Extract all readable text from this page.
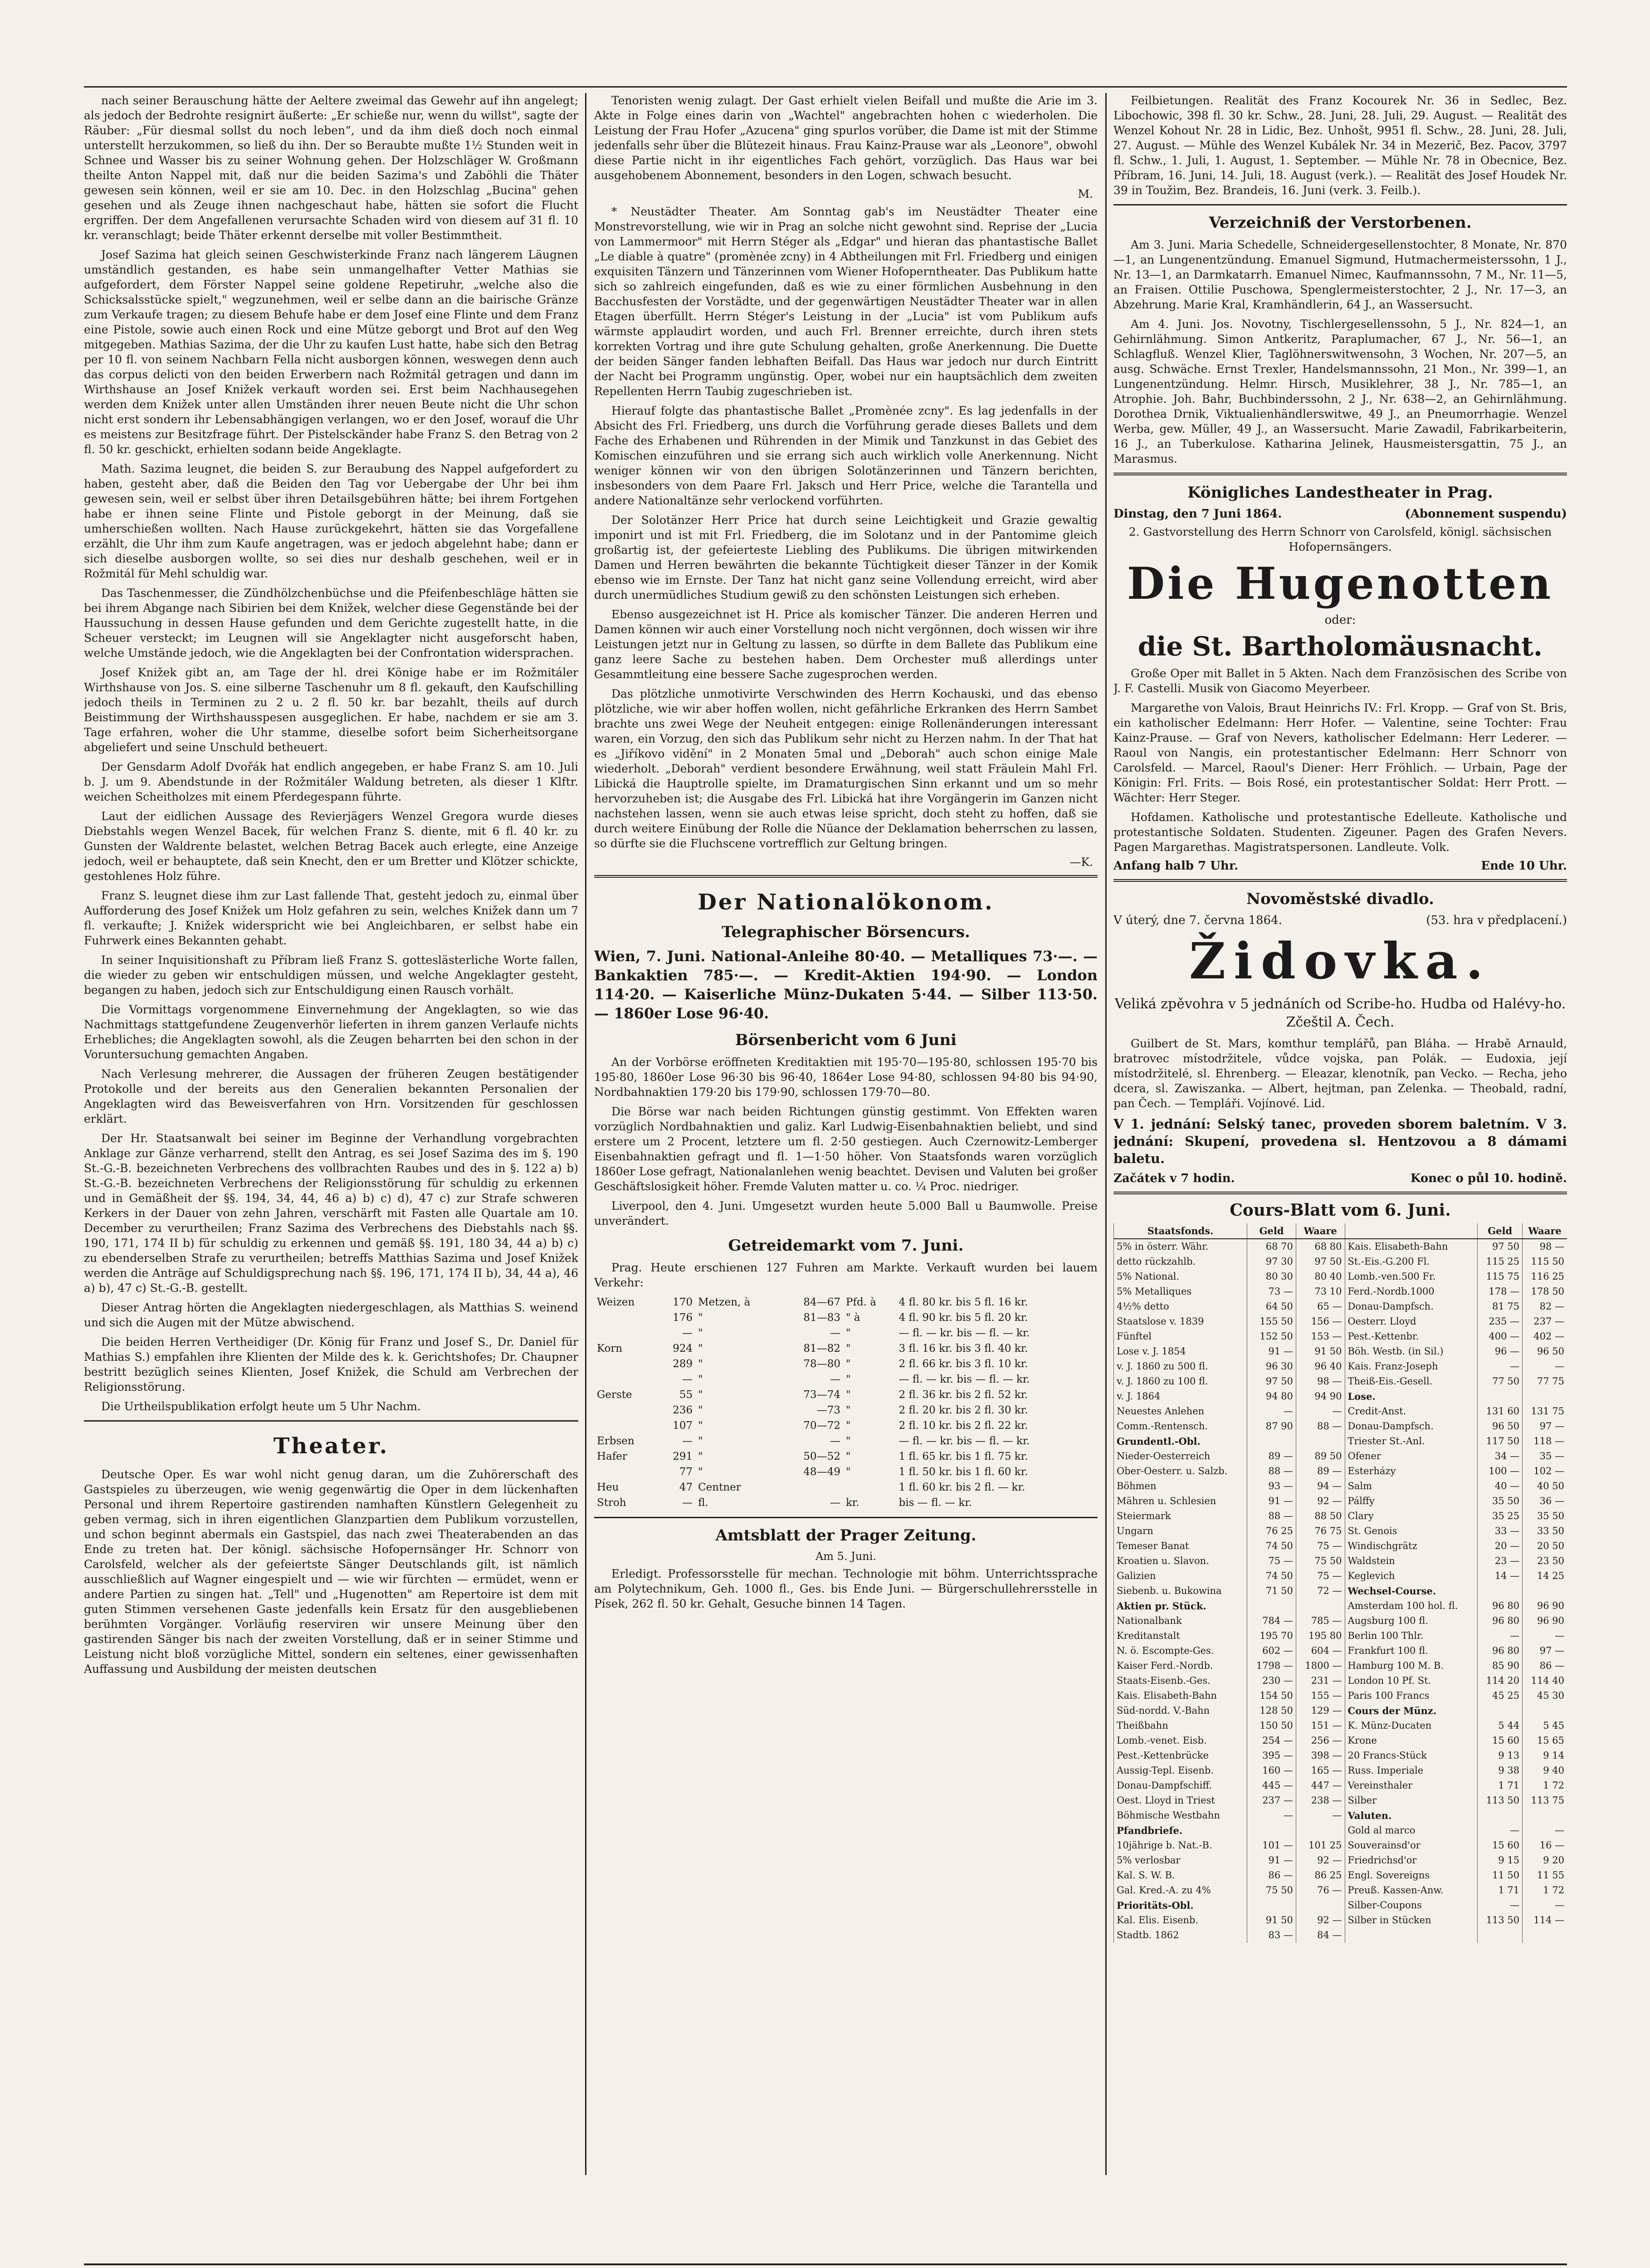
nach seiner Berauschung hätte der Aeltere zweimal das Gewehr auf ihn angelegt; als jedoch der Bedrohte resignirt äußerte: „Er schieße nur, wenn du willst", sagte der Räuber: „Für diesmal sollst du noch leben“, und da ihm dieß doch noch einmal unterstellt herzukommen, so ließ du ihn. Der so Beraubte mußte 1½ Stunden weit in Schnee und Wasser bis zu seiner Wohnung gehen. Der Holzschläger W. Großmann theilte Anton Nappel mit, daß nur die beiden Sazima's und Zaböhli die Thäter gewesen sein können, weil er sie am 10. Dec. in den Holzschlag „Bucina" gehen gesehen und als Zeuge ihnen nachgeschaut habe, hätten sie sofort die Flucht ergriffen. Der dem Angefallenen verursachte Schaden wird von diesem auf 31 fl. 10 kr. veranschlagt; beide Thäter erkennt derselbe mit voller Bestimmtheit.

Josef Sazima hat gleich seinen Geschwisterkinde Franz nach längerem Läugnen umständlich gestanden, es habe sein unmangelhafter Vetter Mathias sie aufgefordert, dem Förster Nappel seine goldene Repetiruhr, „welche also die Schicksalsstücke spielt," wegzunehmen, weil er selbe dann an die bairische Gränze zum Verkaufe tragen; zu diesem Behufe habe er dem Josef eine Flinte und dem Franz eine Pistole, sowie auch einen Rock und eine Mütze geborgt und Brot auf den Weg mitgegeben. Mathias Sazima, der die Uhr zu kaufen Lust hatte, habe sich den Betrag per 10 fl. von seinem Nachbarn Fella nicht ausborgen können, weswegen denn auch das corpus delicti von den beiden Erwerbern nach Rožmitál getragen und dann im Wirthshause an Josef Knižek verkauft worden sei. Erst beim Nachhausegehen werden dem Knižek unter allen Umständen ihrer neuen Beute nicht die Uhr schon nicht erst sondern ihr Lebensabhängigen verlangen, wo er den Josef, worauf die Uhr es meistens zur Besitzfrage führt. Der Pistelsckänder habe Franz S. den Betrag von 2 fl. 50 kr. geschickt, erhielten sodann beide Angeklagte.

Math. Sazima leugnet, die beiden S. zur Beraubung des Nappel aufgefordert zu haben, gesteht aber, daß die Beiden den Tag vor Uebergabe der Uhr bei ihm gewesen sein, weil er selbst über ihren Detailsgebühren hätte; bei ihrem Fortgehen habe er ihnen seine Flinte und Pistole geborgt in der Meinung, daß sie umherschießen wollten. Nach Hause zurückgekehrt, hätten sie das Vorgefallene erzählt, die Uhr ihm zum Kaufe angetragen, was er jedoch abgelehnt habe; dann er sich dieselbe ausborgen wollte, so sei dies nur deshalb geschehen, weil er in Rožmitál für Mehl schuldig war.

Das Taschenmesser, die Zündhölzchenbüchse und die Pfeifenbeschläge hätten sie bei ihrem Abgange nach Sibirien bei dem Knižek, welcher diese Gegenstände bei der Haussuchung in dessen Hause gefunden und dem Gerichte zugestellt hatte, in die Scheuer versteckt; im Leugnen will sie Angeklagter nicht ausgeforscht haben, welche Umstände jedoch, wie die Angeklagten bei der Confrontation widersprachen.

Josef Knižek gibt an, am Tage der hl. drei Könige habe er im Rožmitáler Wirthshause von Jos. S. eine silberne Taschenuhr um 8 fl. gekauft, den Kaufschilling jedoch theils in Terminen zu 2 u. 2 fl. 50 kr. bar bezahlt, theils auf durch Beistimmung der Wirthshausspesen ausgeglichen. Er habe, nachdem er sie am 3. Tage erfahren, woher die Uhr stamme, dieselbe sofort beim Sicherheitsorgane abgeliefert und seine Unschuld betheuert.

Der Gensdarm Adolf Dvořák hat endlich angegeben, er habe Franz S. am 10. Juli b. J. um 9. Abendstunde in der Rožmitáler Waldung betreten, als dieser 1 Klftr. weichen Scheitholzes mit einem Pferdegespann führte.

Laut der eidlichen Aussage des Revierjägers Wenzel Gregora wurde dieses Diebstahls wegen Wenzel Bacek, für welchen Franz S. diente, mit 6 fl. 40 kr. zu Gunsten der Waldrente belastet, welchen Betrag Bacek auch erlegte, eine Anzeige jedoch, weil er behauptete, daß sein Knecht, den er um Bretter und Klötzer schickte, gestohlenes Holz führe.

Franz S. leugnet diese ihm zur Last fallende That, gesteht jedoch zu, einmal über Aufforderung des Josef Knižek um Holz gefahren zu sein, welches Knižek dann um 7 fl. verkaufte; J. Knižek widerspricht wie bei Angleichbaren, er selbst habe ein Fuhrwerk eines Bekannten gehabt.

In seiner Inquisitionshaft zu Příbram ließ Franz S. gotteslästerliche Worte fallen, die wieder zu geben wir entschuldigen müssen, und welche Angeklagter gesteht, begangen zu haben, jedoch sich zur Entschuldigung einen Rausch vorhält.

Die Vormittags vorgenommene Einvernehmung der Angeklagten, so wie das Nachmittags stattgefundene Zeugenverhör lieferten in ihrem ganzen Verlaufe nichts Erhebliches; die Angeklagten sowohl, als die Zeugen beharrten bei den schon in der Voruntersuchung gemachten Angaben.

Nach Verlesung mehrerer, die Aussagen der früheren Zeugen bestätigender Protokolle und der bereits aus den Generalien bekannten Personalien der Angeklagten wird das Beweisverfahren von Hrn. Vorsitzenden für geschlossen erklärt.

Der Hr. Staatsanwalt bei seiner im Beginne der Verhandlung vorgebrachten Anklage zur Gänze verharrend, stellt den Antrag, es sei Josef Sazima des im §. 190 St.-G.-B. bezeichneten Verbrechens des vollbrachten Raubes und des in §. 122 a) b) St.-G.-B. bezeichneten Verbrechens der Religionsstörung für schuldig zu erkennen und in Gemäßheit der §§. 194, 34, 44, 46 a) b) c) d), 47 c) zur Strafe schweren Kerkers in der Dauer von zehn Jahren, verschärft mit Fasten alle Quartale am 10. December zu verurtheilen; Franz Sazima des Verbrechens des Diebstahls nach §§. 190, 171, 174 II b) für schuldig zu erkennen und gemäß §§. 191, 180 34, 44 a) b) c) zu ebenderselben Strafe zu verurtheilen; betreffs Matthias Sazima und Josef Knižek werden die Anträge auf Schuldigsprechung nach §§. 196, 171, 174 II b), 34, 44 a), 46 a) b), 47 c) St.-G.-B. gestellt.

Dieser Antrag hörten die Angeklagten niedergeschlagen, als Matthias S. weinend und sich die Augen mit der Mütze abwischend.

Die beiden Herren Vertheidiger (Dr. König für Franz und Josef S., Dr. Daniel für Mathias S.) empfahlen ihre Klienten der Milde des k. k. Gerichtshofes; Dr. Chaupner bestritt bezüglich seines Klienten, Josef Knižek, die Schuld am Verbrechen der Religionsstörung.

Die Urtheilspublikation erfolgt heute um 5 Uhr Nachm.

Theater.

Deutsche Oper. Es war wohl nicht genug daran, um die Zuhörerschaft des Gastspieles zu überzeugen, wie wenig gegenwärtig die Oper in dem lückenhaften Personal und ihrem Repertoire gastirenden namhaften Künstlern Gelegenheit zu geben vermag, sich in ihren eigentlichen Glanzpartien dem Publikum vorzustellen, und schon beginnt abermals ein Gastspiel, das nach zwei Theaterabenden an das Ende zu treten hat. Der königl. sächsische Hofopernsänger Hr. Schnorr von Carolsfeld, welcher als der gefeiertste Sänger Deutschlands gilt, ist nämlich ausschließlich auf Wagner eingespielt und — wie wir fürchten — ermüdet, wenn er andere Partien zu singen hat. „Tell" und „Hugenotten" am Repertoire ist dem mit guten Stimmen versehenen Gaste jedenfalls kein Ersatz für den ausgebliebenen berühmten Vorgänger. Vorläufig reserviren wir unsere Meinung über den gastirenden Sänger bis nach der zweiten Vorstellung, daß er in seiner Stimme und Leistung nicht bloß vorzügliche Mittel, sondern ein seltenes, einer gewissenhaften Auffassung und Ausbildung der meisten deutschen

Tenoristen wenig zulagt. Der Gast erhielt vielen Beifall und mußte die Arie im 3. Akte in Folge eines darin von „Wachtel" angebrachten hohen c wiederholen. Die Leistung der Frau Hofer „Azucena" ging spurlos vorüber, die Dame ist mit der Stimme jedenfalls sehr über die Blütezeit hinaus. Frau Kainz-Prause war als „Leonore", obwohl diese Partie nicht in ihr eigentliches Fach gehört, vorzüglich. Das Haus war bei ausgehobenem Abonnement, besonders in den Logen, schwach besucht.

M.

* Neustädter Theater. Am Sonntag gab's im Neustädter Theater eine Monstrevorstellung, wie wir in Prag an solche nicht gewohnt sind. Reprise der „Lucia von Lammermoor" mit Herrn Stéger als „Edgar" und hieran das phantastische Ballet „Le diable à quatre" (promènée zcny) in 4 Abtheilungen mit Frl. Friedberg und einigen exquisiten Tänzern und Tänzerinnen vom Wiener Hofoperntheater. Das Publikum hatte sich so zahlreich eingefunden, daß es wie zu einer förmlichen Ausbehnung in den Bacchusfesten der Vorstädte, und der gegenwärtigen Neustädter Theater war in allen Etagen überfüllt. Herrn Stéger's Leistung in der „Lucia" ist vom Publikum aufs wärmste applaudirt worden, und auch Frl. Brenner erreichte, durch ihren stets korrekten Vortrag und ihre gute Schulung gehalten, große Anerkennung. Die Duette der beiden Sänger fanden lebhaften Beifall. Das Haus war jedoch nur durch Eintritt der Nacht bei Programm ungünstig. Oper, wobei nur ein hauptsächlich dem zweiten Repellenten Herrn Taubig zugeschrieben ist.

Hierauf folgte das phantastische Ballet „Promènée zcny". Es lag jedenfalls in der Absicht des Frl. Friedberg, uns durch die Vorführung gerade dieses Ballets und dem Fache des Erhabenen und Rührenden in der Mimik und Tanzkunst in das Gebiet des Komischen einzuführen und sie errang sich auch wirklich volle Anerkennung. Nicht weniger können wir von den übrigen Solotänzerinnen und Tänzern berichten, insbesonders von dem Paare Frl. Jaksch und Herr Price, welche die Tarantella und andere Nationaltänze sehr verlockend vorführten.

Der Solotänzer Herr Price hat durch seine Leichtigkeit und Grazie gewaltig imponirt und ist mit Frl. Friedberg, die im Solotanz und in der Pantomime gleich großartig ist, der gefeierteste Liebling des Publikums. Die übrigen mitwirkenden Damen und Herren bewährten die bekannte Tüchtigkeit dieser Tänzer in der Komik ebenso wie im Ernste. Der Tanz hat nicht ganz seine Vollendung erreicht, wird aber durch unermüdliches Studium gewiß zu den schönsten Leistungen sich erheben.

Ebenso ausgezeichnet ist H. Price als komischer Tänzer. Die anderen Herren und Damen können wir auch einer Vorstellung noch nicht vergönnen, doch wissen wir ihre Leistungen jetzt nur in Geltung zu lassen, so dürfte in dem Ballete das Publikum eine ganz leere Sache zu bestehen haben. Dem Orchester muß allerdings unter Gesammtleitung eine bessere Sache zugesprochen werden.

Das plötzliche unmotivirte Verschwinden des Herrn Kochauski, und das ebenso plötzliche, wie wir aber hoffen wollen, nicht gefährliche Erkranken des Herrn Sambet brachte uns zwei Wege der Neuheit entgegen: einige Rollenänderungen interessant waren, ein Vorzug, den sich das Publikum sehr nicht zu Herzen nahm. In der That hat es „Jiříkovo vidění" in 2 Monaten 5mal und „Deborah" auch schon einige Male wiederholt. „Deborah" verdient besondere Erwähnung, weil statt Fräulein Mahl Frl. Libická die Hauptrolle spielte, im Dramaturgischen Sinn erkannt und um so mehr hervorzuheben ist; die Ausgabe des Frl. Libická hat ihre Vorgängerin im Ganzen nicht nachstehen lassen, wenn sie auch etwas leise spricht, doch steht zu hoffen, daß sie durch weitere Einübung der Rolle die Nüance der Deklamation beherrschen zu lassen, so dürfte sie die Fluchscene vortrefflich zur Geltung bringen.

—K.
Der Nationalökonom.
Telegraphischer Börsencurs.

Wien, 7. Juni. National-Anleihe 80·40. — Metalliques 73·—. — Bankaktien 785·—. — Kredit-Aktien 194·90. — London 114·20. — Kaiserliche Münz-Dukaten 5·44. — Silber 113·50. — 1860er Lose 96·40.

Börsenbericht vom 6 Juni

An der Vorbörse eröffneten Kreditaktien mit 195·70—195·80, schlossen 195·70 bis 195·80, 1860er Lose 96·30 bis 96·40, 1864er Lose 94·80, schlossen 94·80 bis 94·90, Nordbahnaktien 179·20 bis 179·90, schlossen 179·70—80.

Die Börse war nach beiden Richtungen günstig gestimmt. Von Effekten waren vorzüglich Nordbahnaktien und galiz. Karl Ludwig-Eisenbahnaktien beliebt, und sind erstere um 2 Procent, letztere um fl. 2·50 gestiegen. Auch Czernowitz-Lemberger Eisenbahnaktien gefragt und fl. 1—1·50 höher. Von Staatsfonds waren vorzüglich 1860er Lose gefragt, Nationalanlehen wenig beachtet. Devisen und Valuten bei großer Geschäftslosigkeit höher. Fremde Valuten matter u. co. ¼ Proc. niedriger.

Liverpool, den 4. Juni. Umgesetzt wurden heute 5.000 Ball u Baumwolle. Preise unverändert.

Getreidemarkt vom 7. Juni.

Prag. Heute erschienen 127 Fuhren am Markte. Verkauft wurden bei lauem Verkehr:

Weizen	170	Metzen, à	84—67	Pfd. à	4 fl. 80 kr. bis 5 fl. 16 kr.
	176	"	81—83	" à	4 fl. 90 kr. bis 5 fl. 20 kr.
	—	"	—	"	— fl. — kr. bis — fl. — kr.
Korn	924	"	81—82	"	3 fl. 16 kr. bis 3 fl. 40 kr.
	289	"	78—80	"	2 fl. 66 kr. bis 3 fl. 10 kr.
	—	"	—	"	— fl. — kr. bis — fl. — kr.
Gerste	55	"	73—74	"	2 fl. 36 kr. bis 2 fl. 52 kr.
	236	"	—73	"	2 fl. 20 kr. bis 2 fl. 30 kr.
	107	"	70—72	"	2 fl. 10 kr. bis 2 fl. 22 kr.
Erbsen	—	"	—	"	— fl. — kr. bis — fl. — kr.
Hafer	291	"	50—52	"	1 fl. 65 kr. bis 1 fl. 75 kr.
	77	"	48—49	"	1 fl. 50 kr. bis 1 fl. 60 kr.
Heu	47	Centner			1 fl. 60 kr. bis 2 fl. — kr.
Stroh	—	fl.	—	kr.	bis — fl. — kr.
Amtsblatt der Prager Zeitung.
Am 5. Juni.

Erledigt. Professorsstelle für mechan. Technologie mit böhm. Unterrichtssprache am Polytechnikum, Geh. 1000 fl., Ges. bis Ende Juni. — Bürgerschullehrersstelle in Písek, 262 fl. 50 kr. Gehalt, Gesuche binnen 14 Tagen.

Feilbietungen. Realität des Franz Kocourek Nr. 36 in Sedlec, Bez. Libochowic, 398 fl. 30 kr. Schw., 28. Juni, 28. Juli, 29. August. — Realität des Wenzel Kohout Nr. 28 in Lidic, Bez. Unhošt, 9951 fl. Schw., 28. Juni, 28. Juli, 27. August. — Mühle des Wenzel Kubálek Nr. 34 in Mezerič, Bez. Pacov, 3797 fl. Schw., 1. Juli, 1. August, 1. September. — Mühle Nr. 78 in Obecnice, Bez. Příbram, 16. Juni, 14. Juli, 18. August (verk.). — Realität des Josef Houdek Nr. 39 in Toužim, Bez. Brandeis, 16. Juni (verk. 3. Feilb.).

Verzeichniß der Verstorbenen.

Am 3. Juni. Maria Schedelle, Schneidergesellenstochter, 8 Monate, Nr. 870—1, an Lungenentzündung. Emanuel Sigmund, Hutmachermeisterssohn, 1 J., Nr. 13—1, an Darmkatarrh. Emanuel Nimec, Kaufmannssohn, 7 M., Nr. 11—5, an Fraisen. Ottilie Puschowa, Spenglermeisterstochter, 2 J., Nr. 17—3, an Abzehrung. Marie Kral, Kramhändlerin, 64 J., an Wassersucht.

Am 4. Juni. Jos. Novotny, Tischlergesellenssohn, 5 J., Nr. 824—1, an Gehirnlähmung. Simon Antkeritz, Paraplumacher, 67 J., Nr. 56—1, an Schlagfluß. Wenzel Klier, Taglöhnerswitwensohn, 3 Wochen, Nr. 207—5, an ausg. Schwäche. Ernst Trexler, Handelsmannssohn, 21 Mon., Nr. 399—1, an Lungenentzündung. Helmr. Hirsch, Musiklehrer, 38 J., Nr. 785—1, an Atrophie. Joh. Bahr, Buchbinderssohn, 2 J., Nr. 638—2, an Gehirnlähmung. Dorothea Drnik, Viktualienhändlerswitwe, 49 J., an Pneumorrhagie. Wenzel Werba, gew. Müller, 49 J., an Wassersucht. Marie Zawadil, Fabrikarbeiterin, 16 J., an Tuberkulose. Katharina Jelinek, Hausmeistersgattin, 75 J., an Marasmus.

Königliches Landestheater in Prag.
Dinstag, den 7 Juni 1864.	(Abonnement suspendu)

2. Gastvorstellung des Herrn Schnorr von Carolsfeld, königl. sächsischen Hofopernsängers.

Die Hugenotten
oder:
die St. Bartholomäusnacht.

Große Oper mit Ballet in 5 Akten. Nach dem Französischen des Scribe von J. F. Castelli. Musik von Giacomo Meyerbeer.

Margarethe von Valois, Braut Heinrichs IV.: Frl. Kropp. — Graf von St. Bris, ein katholischer Edelmann: Herr Hofer. — Valentine, seine Tochter: Frau Kainz-Prause. — Graf von Nevers, katholischer Edelmann: Herr Lederer. — Raoul von Nangis, ein protestantischer Edelmann: Herr Schnorr von Carolsfeld. — Marcel, Raoul's Diener: Herr Fröhlich. — Urbain, Page der Königin: Frl. Frits. — Bois Rosé, ein protestantischer Soldat: Herr Prott. — Wächter: Herr Steger.

Hofdamen. Katholische und protestantische Edelleute. Katholische und protestantische Soldaten. Studenten. Zigeuner. Pagen des Grafen Nevers. Pagen Margarethas. Magistratspersonen. Landleute. Volk.

Anfang halb 7 Uhr.	Ende 10 Uhr.
Novoměstské divadlo.
V úterý, dne 7. června 1864.	(53. hra v předplacení.)
Židovka.

Veliká zpěvohra v 5 jednáních od Scribe-ho. Hudba od Halévy-ho. Zčeštil A. Čech.

Guilbert de St. Mars, komthur templářů, pan Bláha. — Hrabě Arnauld, bratrovec místodržitele, vůdce vojska, pan Polák. — Eudoxia, její místodržitelé, sl. Ehrenberg. — Eleazar, klenotník, pan Vecko. — Recha, jeho dcera, sl. Zawiszanka. — Albert, hejtman, pan Zelenka. — Theobald, radní, pan Čech. — Templáři. Vojínové. Lid.

V 1. jednání: Selský tanec, proveden sborem baletním. V 3. jednání: Skupení, provedena sl. Hentzovou a 8 dámami baletu.

Začátek v 7 hodin.	Konec o půl 10. hodině.
Cours-Blatt vom 6. Juni.
Staatsfonds.	Geld	Waare		Geld	Waare
5% in österr. Währ.	68 70	68 80	Kais. Elisabeth-Bahn	97 50	98 —
detto rückzahlb.	97 30	97 50	St.-Eis.-G.200 Fl.	115 25	115 50
5% National.	80 30	80 40	Lomb.-ven.500 Fr.	115 75	116 25
5% Metalliques	73 —	73 10	Ferd.-Nordb.1000	178 —	178 50
4½% detto	64 50	65 —	Donau-Dampfsch.	81 75	82 —
Staatslose v. 1839	155 50	156 —	Oesterr. Lloyd	235 —	237 —
Fünftel	152 50	153 —	Pest.-Kettenbr.	400 —	402 —
Lose v. J. 1854	91 —	91 50	Böh. Westb. (in Sil.)	96 —	96 50
v. J. 1860 zu 500 fl.	96 30	96 40	Kais. Franz-Joseph	—	—
v. J. 1860 zu 100 fl.	97 50	98 —	Theiß-Eis.-Gesell.	77 50	77 75
v. J. 1864	94 80	94 90	Lose.		
Neuestes Anlehen	—	—	Credit-Anst.	131 60	131 75
Comm.-Rentensch.	87 90	88 —	Donau-Dampfsch.	96 50	97 —
Grundentl.-Obl.			Triester St.-Anl.	117 50	118 —
Nieder-Oesterreich	89 —	89 50	Ofener	34 —	35 —
Ober-Oesterr. u. Salzb.	88 —	89 —	Esterházy	100 —	102 —
Böhmen	93 —	94 —	Salm	40 —	40 50
Mähren u. Schlesien	91 —	92 —	Pálffy	35 50	36 —
Steiermark	88 —	88 50	Clary	35 25	35 50
Ungarn	76 25	76 75	St. Genois	33 —	33 50
Temeser Banat	74 50	75 —	Windischgrätz	20 —	20 50
Kroatien u. Slavon.	75 —	75 50	Waldstein	23 —	23 50
Galizien	74 50	75 —	Keglevich	14 —	14 25
Siebenb. u. Bukowina	71 50	72 —	Wechsel-Course.		
Aktien pr. Stück.			Amsterdam 100 hol. fl.	96 80	96 90
Nationalbank	784 —	785 —	Augsburg 100 fl.	96 80	96 90
Kreditanstalt	195 70	195 80	Berlin 100 Thlr.	—	—
N. ö. Escompte-Ges.	602 —	604 —	Frankfurt 100 fl.	96 80	97 —
Kaiser Ferd.-Nordb.	1798 —	1800 —	Hamburg 100 M. B.	85 90	86 —
Staats-Eisenb.-Ges.	230 —	231 —	London 10 Pf. St.	114 20	114 40
Kais. Elisabeth-Bahn	154 50	155 —	Paris 100 Francs	45 25	45 30
Süd-nordd. V.-Bahn	128 50	129 —	Cours der Münz.		
Theißbahn	150 50	151 —	K. Münz-Ducaten	5 44	5 45
Lomb.-venet. Eisb.	254 —	256 —	Krone	15 60	15 65
Pest.-Kettenbrücke	395 —	398 —	20 Francs-Stück	9 13	9 14
Aussig-Tepl. Eisenb.	160 —	165 —	Russ. Imperiale	9 38	9 40
Donau-Dampfschiff.	445 —	447 —	Vereinsthaler	1 71	1 72
Oest. Lloyd in Triest	237 —	238 —	Silber	113 50	113 75
Böhmische Westbahn	—	—	Valuten.		
Pfandbriefe.			Gold al marco	—	—
10jährige b. Nat.-B.	101 —	101 25	Souverainsd'or	15 60	16 —
5% verlosbar	91 —	92 —	Friedrichsd'or	9 15	9 20
Kal. S. W. B.	86 —	86 25	Engl. Sovereigns	11 50	11 55
Gal. Kred.-A. zu 4%	75 50	76 —	Preuß. Kassen-Anw.	1 71	1 72
Prioritäts-Obl.			Silber-Coupons	—	—
Kal. Elis. Eisenb.	91 50	92 —	Silber in Stücken	113 50	114 —
Stadtb. 1862	83 —	84 —			
